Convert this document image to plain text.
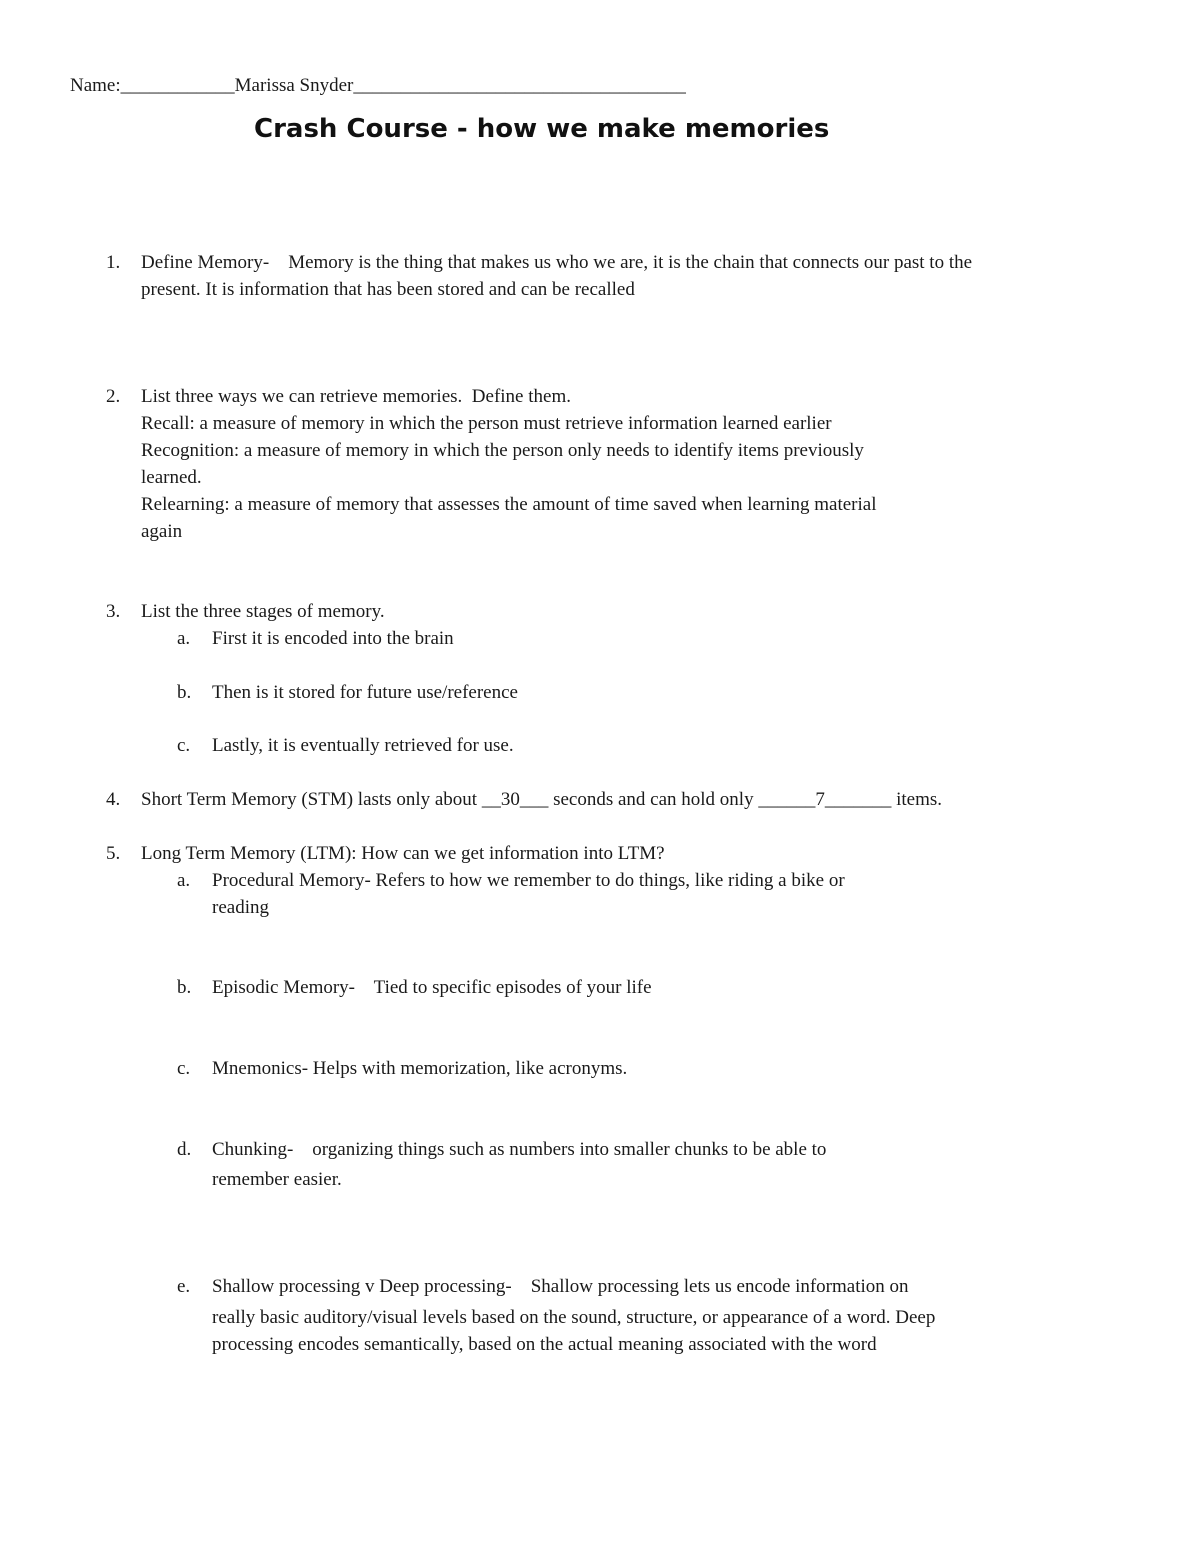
Name:____________Marissa Snyder___________________________________
Crash Course - how we make memories
1. Define Memory-    Memory is the thing that makes us who we are, it is the chain that connects our past to the
present. It is information that has been stored and can be recalled
2. List three ways we can retrieve memories.  Define them.
Recall: a measure of memory in which the person must retrieve information learned earlier
Recognition: a measure of memory in which the person only needs to identify items previously
learned.
Relearning: a measure of memory that assesses the amount of time saved when learning material
again
3. List the three stages of memory.
a. First it is encoded into the brain
b. Then is it stored for future use/reference
c. Lastly, it is eventually retrieved for use.
4. Short Term Memory (STM) lasts only about __30___ seconds and can hold only ______7_______ items.
5. Long Term Memory (LTM): How can we get information into LTM?
a. Procedural Memory- Refers to how we remember to do things, like riding a bike or
reading
b. Episodic Memory-    Tied to specific episodes of your life
c. Mnemonics- Helps with memorization, like acronyms.
d. Chunking-    organizing things such as numbers into smaller chunks to be able to
remember easier.
e. Shallow processing v Deep processing-    Shallow processing lets us encode information on
really basic auditory/visual levels based on the sound, structure, or appearance of a word. Deep
processing encodes semantically, based on the actual meaning associated with the word
